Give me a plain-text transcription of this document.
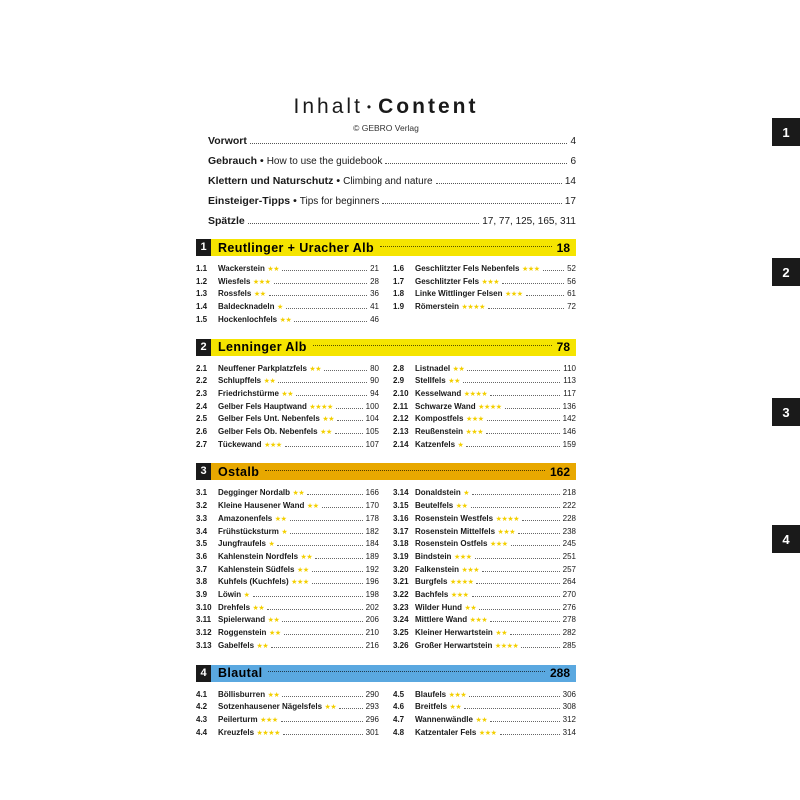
Inhalt • Content
© GEBRO Verlag
Vorwort	4
Gebrauch • How to use the guidebook	6
Klettern und Naturschutz • Climbing and nature	14
Einsteiger-Tipps • Tips for beginners	17
Spätzle	17, 77, 125, 165, 311
1 Reutlinger + Uracher Alb	18
1.1	Wackerstein ★★	21
1.2	Wiesfels ★★★	28
1.3	Rossfels ★★	36
1.4	Baldecknadeln ★	41
1.5	Hockenlochfels ★★	46
1.6	Geschlitzter Fels Nebenfels ★★★	52
1.7	Geschlitzter Fels ★★★	56
1.8	Linke Wittlinger Felsen ★★★	61
1.9	Römerstein ★★★★	72
2 Lenninger Alb	78
2.1	Neuffener Parkplatzfels ★★	80
2.2	Schlupffels ★★	90
2.3	Friedrichstürme ★★	94
2.4	Gelber Fels Hauptwand ★★★★	100
2.5	Gelber Fels Unt. Nebenfels ★★	104
2.6	Gelber Fels Ob. Nebenfels ★★	105
2.7	Tückewand ★★★	107
2.8	Listnadel ★★	110
2.9	Stellfels ★★	113
2.10 Kesselwand ★★★★	117
2.11 Schwarze Wand ★★★★	136
2.12 Kompostfels ★★★	142
2.13 Reußenstein ★★★	146
2.14 Katzenfels ★	159
3 Ostalb	162
3.1	Degginger Nordalb ★★	166
3.2	Kleine Hausener Wand ★★	170
3.3	Amazonenfels ★★	178
3.4	Frühstücksturm ★	182
3.5	Jungfraufels ★	184
3.6	Kahlenstein Nordfels ★★	189
3.7	Kahlenstein Südfels ★★	192
3.8	Kuhfels (Kuchfels) ★★★	196
3.9	Löwin ★	198
3.10 Drehfels ★★	202
3.11 Spielerwand ★★	206
3.12 Roggenstein ★★	210
3.13 Gabelfels ★★	216
3.14 Donaldstein ★	218
3.15 Beutelfels ★★	222
3.16 Rosenstein Westfels ★★★★	228
3.17 Rosenstein Mittelfels ★★★	238
3.18 Rosenstein Ostfels ★★★	245
3.19 Bindstein ★★★	251
3.20 Falkenstein ★★★	257
3.21 Burgfels ★★★★	264
3.22 Bachfels ★★★	270
3.23 Wilder Hund ★★	276
3.24 Mittlere Wand ★★★	278
3.25 Kleiner Herwartstein ★★	282
3.26 Großer Herwartstein ★★★★	285
4 Blautal	288
4.1	Böllisburren ★★	290
4.2	Sotzenhausener Nägelsfels ★★	293
4.3	Peilerturm ★★★	296
4.4	Kreuzfels ★★★★	301
4.5	Blaufels ★★★	306
4.6	Breitfels ★★	308
4.7	Wannenwändle ★★	312
4.8	Katzentaler Fels ★★★	314
1
2
3
4
